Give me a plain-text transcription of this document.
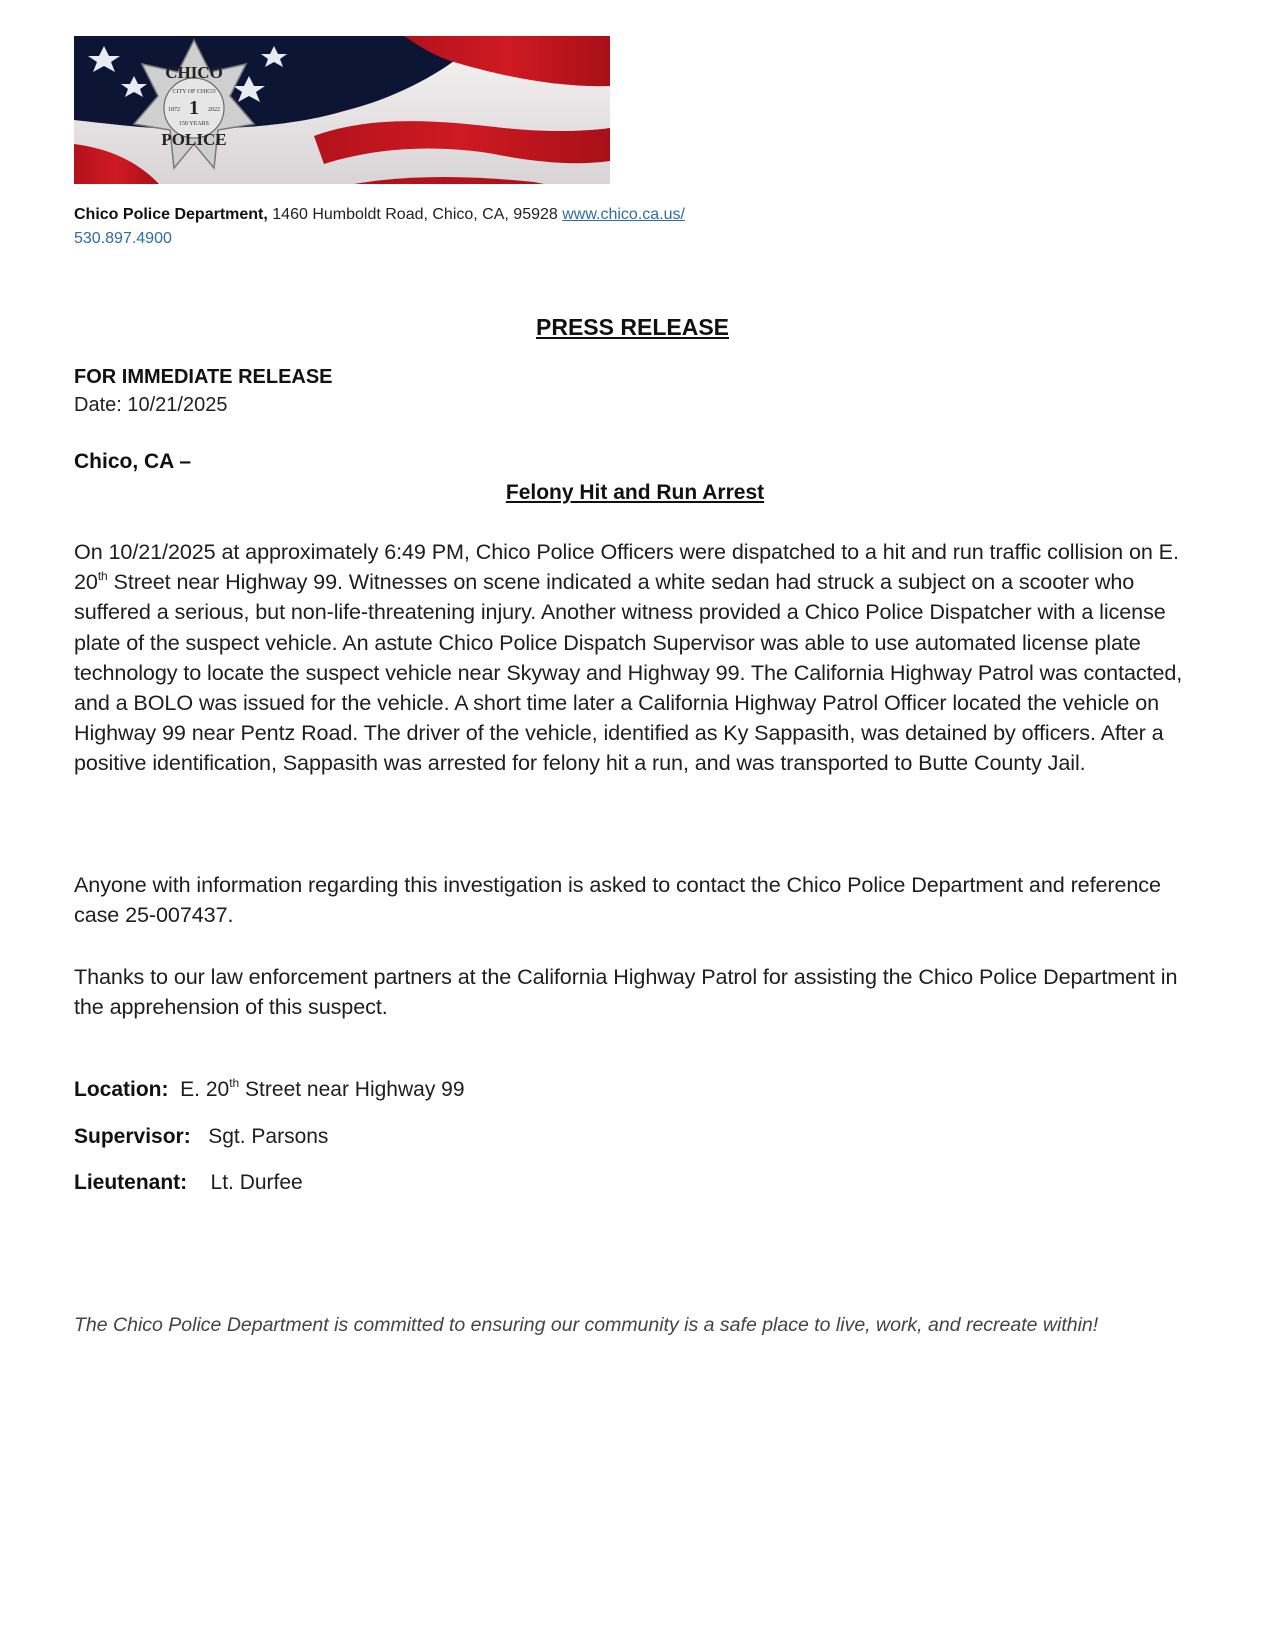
CHICO
CITY OF CHICO
1
1872	2022
150 YEARS
POLICE
Chico Police Department, 1460 Humboldt Road, Chico, CA, 95928 www.chico.ca.us/
530.897.4900
PRESS RELEASE
FOR IMMEDIATE RELEASE
Date: 10/21/2025
Chico, CA –
Felony Hit and Run Arrest

On 10/21/2025 at approximately 6:49 PM, Chico Police Officers were dispatched to a hit and run traffic collision on E. 20th Street near Highway 99. Witnesses on scene indicated a white sedan had struck a subject on a scooter who suffered a serious, but non-life-threatening injury. Another witness provided a Chico Police Dispatcher with a license plate of the suspect vehicle. An astute Chico Police Dispatch Supervisor was able to use automated license plate technology to locate the suspect vehicle near Skyway and Highway 99. The California Highway Patrol was contacted, and a BOLO was issued for the vehicle. A short time later a California Highway Patrol Officer located the vehicle on Highway 99 near Pentz Road. The driver of the vehicle, identified as Ky Sappasith, was detained by officers. After a positive identification, Sappasith was arrested for felony hit a run, and was transported to Butte County Jail.

Anyone with information regarding this investigation is asked to contact the Chico Police Department and reference case 25-007437.

Thanks to our law enforcement partners at the California Highway Patrol for assisting the Chico Police Department in the apprehension of this suspect.

Location:  E. 20th Street near Highway 99
Supervisor:   Sgt. Parsons
Lieutenant:    Lt. Durfee
The Chico Police Department is committed to ensuring our community is a safe place to live, work, and recreate within!
